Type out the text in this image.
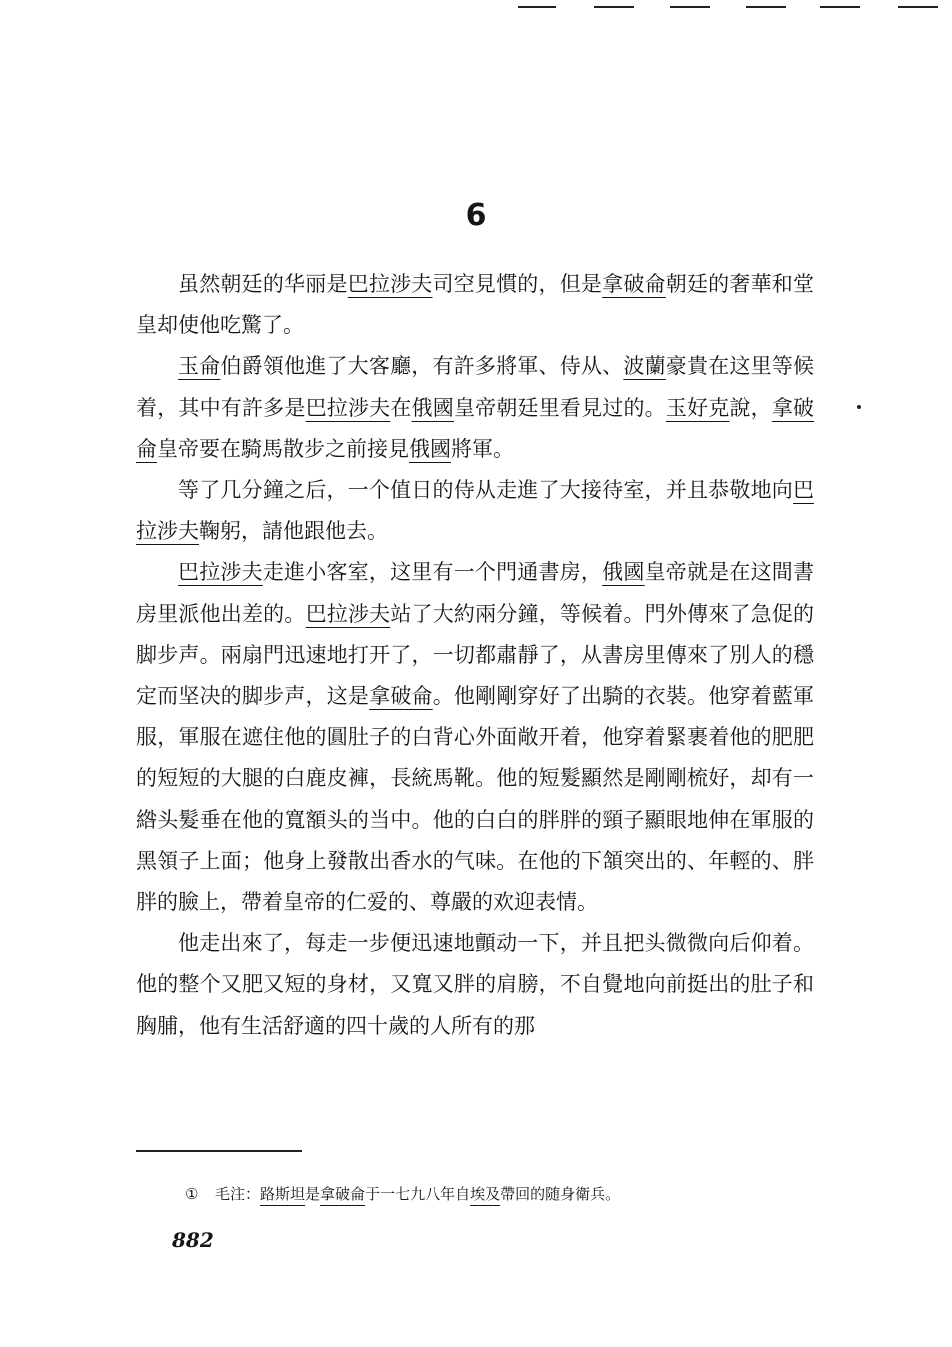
6

虽然朝廷的华丽是巴拉涉夫司空見慣的，但是拿破侖朝廷的奢華和堂皇却使他吃驚了。

玉侖伯爵領他進了大客廳，有許多將軍、侍从、波蘭豪貴在这里等候着，其中有許多是巴拉涉夫在俄國皇帝朝廷里看見过的。玉好克說，拿破侖皇帝要在騎馬散步之前接見俄國將軍。

等了几分鐘之后，一个值日的侍从走進了大接待室，并且恭敬地向巴拉涉夫鞠躬，請他跟他去。

巴拉涉夫走進小客室，这里有一个門通書房，俄國皇帝就是在这間書房里派他出差的。巴拉涉夫站了大約兩分鐘，等候着。門外傳來了急促的脚步声。兩扇門迅速地打开了，一切都肅靜了，从書房里傳來了別人的穩定而坚决的脚步声，这是拿破侖。他剛剛穿好了出騎的衣裝。他穿着藍軍服，軍服在遮住他的圓肚子的白背心外面敞开着，他穿着緊裹着他的肥肥的短短的大腿的白鹿皮褲，長統馬靴。他的短髮顯然是剛剛梳好，却有一綹头髮垂在他的寬額头的当中。他的白白的胖胖的頸子顯眼地伸在軍服的黑領子上面；他身上發散出香水的气味。在他的下頷突出的、年輕的、胖胖的臉上，帶着皇帝的仁爱的、尊嚴的欢迎表情。

他走出來了，每走一步便迅速地顫动一下，并且把头微微向后仰着。他的整个又肥又短的身材，又寬又胖的肩膀，不自覺地向前挺出的肚子和胸脯，他有生活舒適的四十歲的人所有的那

① 毛注：路斯坦是拿破侖于一七九八年自埃及帶回的随身衛兵。
882
